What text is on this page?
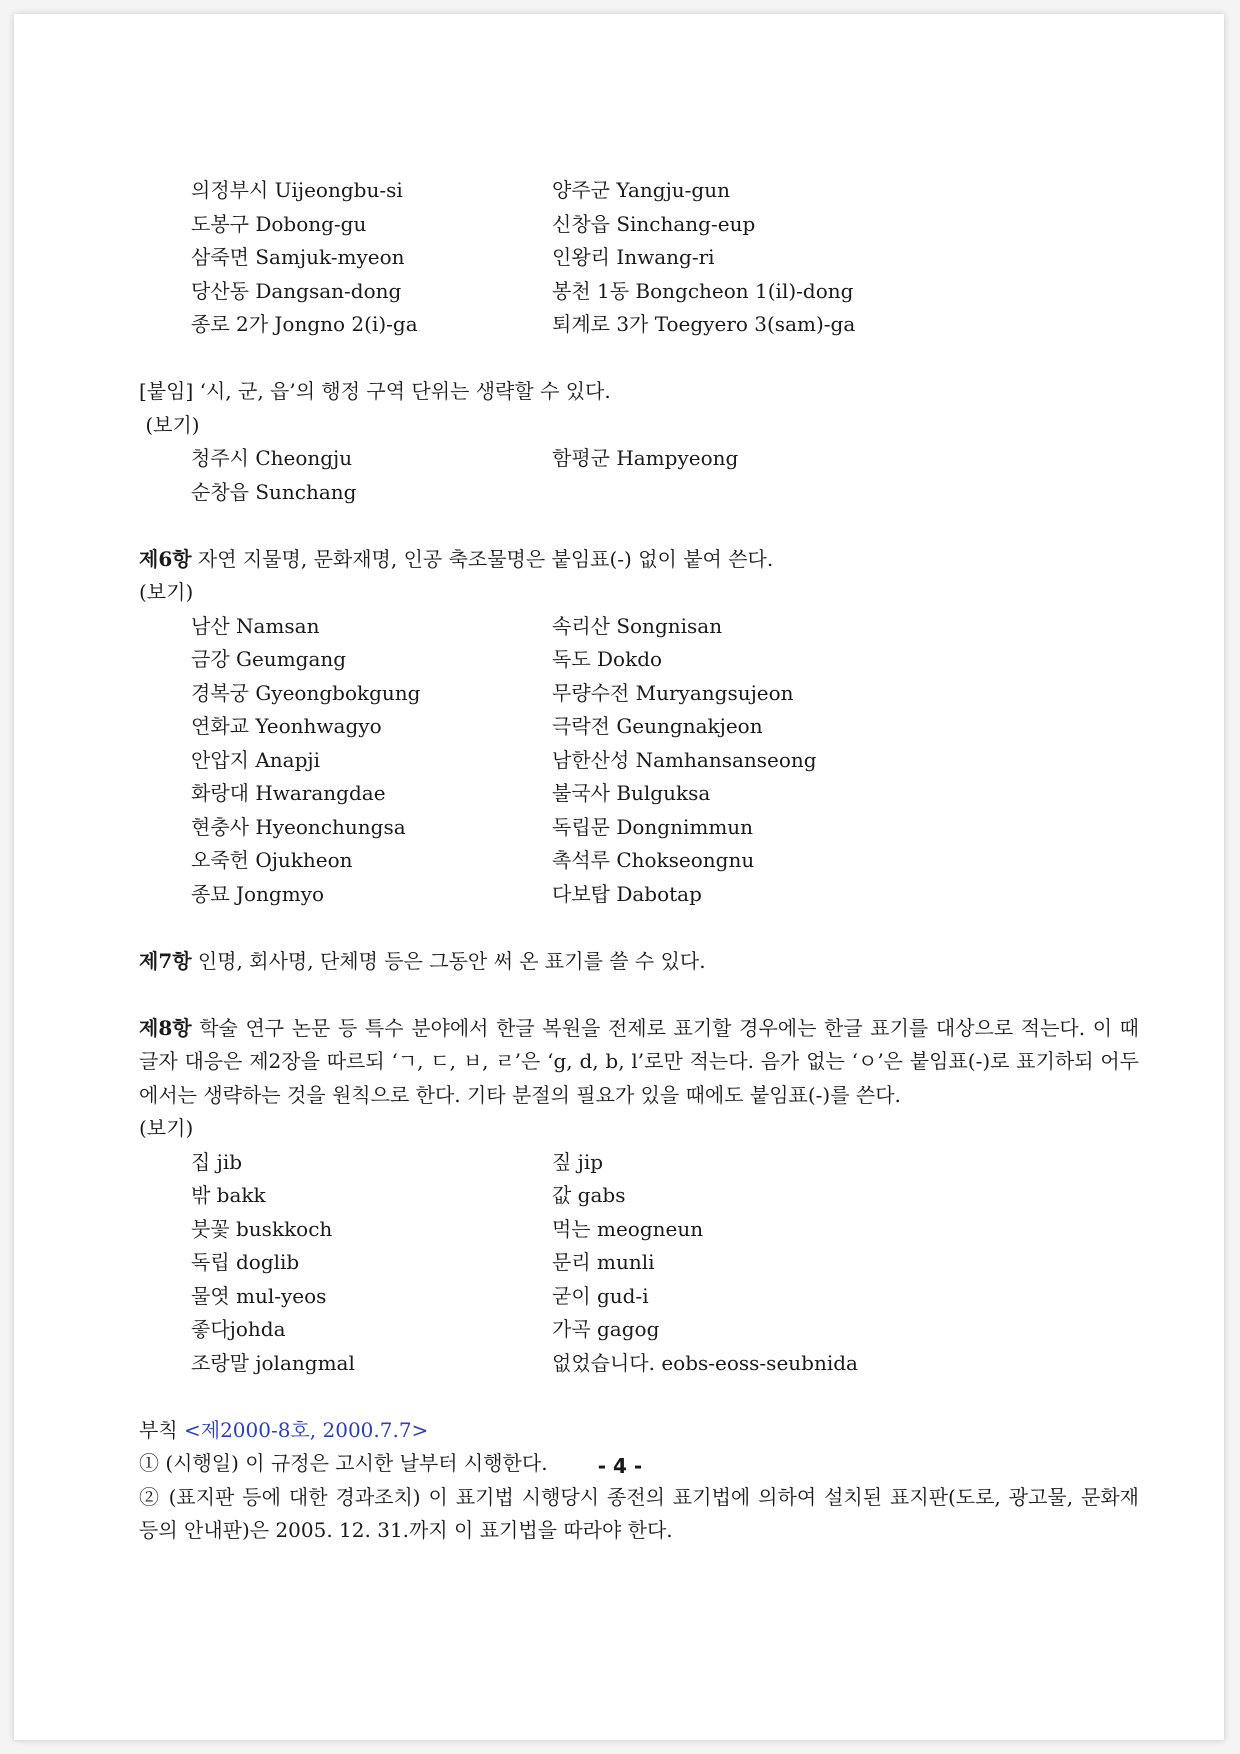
의정부시 Uijeongbu-si	양주군 Yangju-gun
도봉구 Dobong-gu	신창읍 Sinchang-eup
삼죽면 Samjuk-myeon	인왕리 Inwang-ri
당산동 Dangsan-dong	봉천 1동 Bongcheon 1(il)-dong
종로 2가 Jongno 2(i)-ga	퇴계로 3가 Toegyero 3(sam)-ga
[붙임] ‘시, 군, 읍’의 행정 구역 단위는 생략할 수 있다.
(보기)
청주시 Cheongju	함평군 Hampyeong
순창읍 Sunchang
제6항 자연 지물명, 문화재명, 인공 축조물명은 붙임표(-) 없이 붙여 쓴다.
(보기)
남산 Namsan	속리산 Songnisan
금강 Geumgang	독도 Dokdo
경복궁 Gyeongbokgung	무량수전 Muryangsujeon
연화교 Yeonhwagyo	극락전 Geungnakjeon
안압지 Anapji	남한산성 Namhansanseong
화랑대 Hwarangdae	불국사 Bulguksa
현충사 Hyeonchungsa	독립문 Dongnimmun
오죽헌 Ojukheon	촉석루 Chokseongnu
종묘 Jongmyo	다보탑 Dabotap
제7항 인명, 회사명, 단체명 등은 그동안 써 온 표기를 쓸 수 있다.
제8항 학술 연구 논문 등 특수 분야에서 한글 복원을 전제로 표기할 경우에는 한글 표기를 대상으로 적는다. 이 때 글자 대응은 제2장을 따르되 ‘ㄱ, ㄷ, ㅂ, ㄹ’은 ‘g, d, b, l’로만 적는다. 음가 없는 ‘ㅇ’은 붙임표(-)로 표기하되 어두에서는 생략하는 것을 원칙으로 한다. 기타 분절의 필요가 있을 때에도 붙임표(-)를 쓴다.
(보기)
집 jib	짚 jip
밖 bakk	값 gabs
붓꽃 buskkoch	먹는 meogneun
독립 doglib	문리 munli
물엿 mul-yeos	굳이 gud-i
좋다johda	가곡 gagog
조랑말 jolangmal	없었습니다. eobs-eoss-seubnida
부칙 <제2000-8호, 2000.7.7>
① (시행일) 이 규정은 고시한 날부터 시행한다.
② (표지판 등에 대한 경과조치) 이 표기법 시행당시 종전의 표기법에 의하여 설치된 표지판(도로, 광고물, 문화재 등의 안내판)은 2005. 12. 31.까지 이 표기법을 따라야 한다.
- 4 -
